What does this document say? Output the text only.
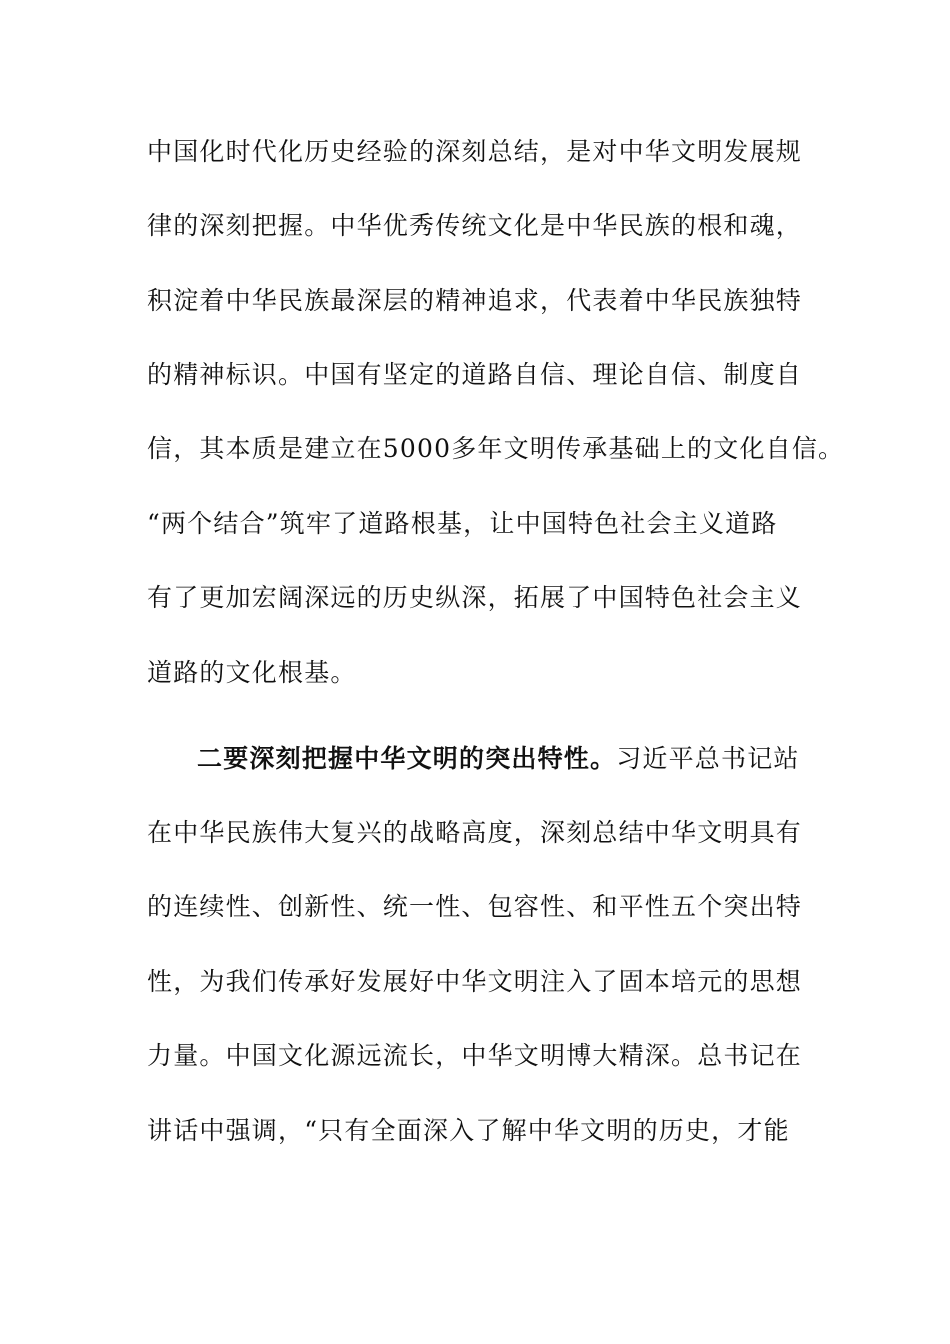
中国化时代化历史经验的深刻总结，是对中华文明发展规
律的深刻把握。中华优秀传统文化是中华民族的根和魂，
积淀着中华民族最深层的精神追求，代表着中华民族独特
的精神标识。中国有坚定的道路自信、理论自信、制度自
信，其本质是建立在5000多年文明传承基础上的文化自信。
“两个结合”筑牢了道路根基，让中国特色社会主义道路
有了更加宏阔深远的历史纵深，拓展了中国特色社会主义
道路的文化根基。
二要深刻把握中华文明的突出特性。习近平总书记站
在中华民族伟大复兴的战略高度，深刻总结中华文明具有
的连续性、创新性、统一性、包容性、和平性五个突出特
性，为我们传承好发展好中华文明注入了固本培元的思想
力量。中国文化源远流长，中华文明博大精深。总书记在
讲话中强调，“只有全面深入了解中华文明的历史，才能
